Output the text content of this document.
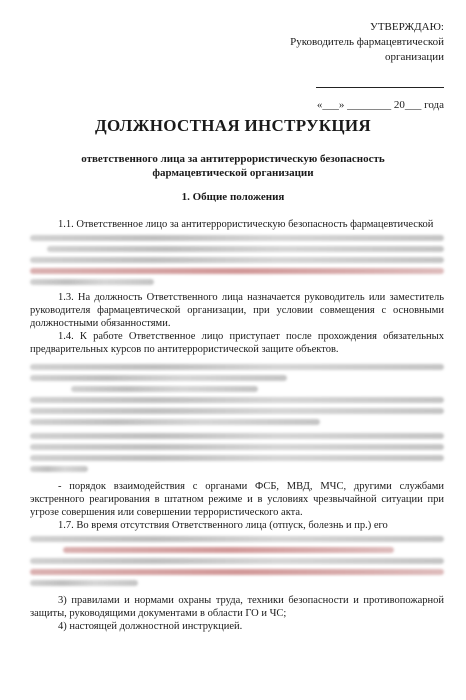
УТВЕРЖДАЮ:
Руководитель фармацевтической организации
«___» ________ 20___ года
ДОЛЖНОСТНАЯ ИНСТРУКЦИЯ
ответственного лица за антитеррористическую безопасность
фармацевтической организации
1. Общие положения

1.1. Ответственное лицо за антитеррористическую безопасность фармацевтической

1.3. На должность Ответственного лица назначается руководитель или заместитель руководителя фармацевтической организации, при условии совмещения с основными должностными обязанностями.

1.4. К работе Ответственное лицо приступает после прохождения обязательных предварительных курсов по антитеррористической защите объектов.

- порядок взаимодействия с органами ФСБ, МВД, МЧС, другими службами экстренного реагирования в штатном режиме и в условиях чрезвычайной ситуации при угрозе совершения или совершении террористического акта.

1.7. Во время отсутствия Ответственного лица (отпуск, болезнь и пр.) его

3) правилами и нормами охраны труда, техники безопасности и противопожарной защиты, руководящими документами в области ГО и ЧС;

4) настоящей должностной инструкцией.
